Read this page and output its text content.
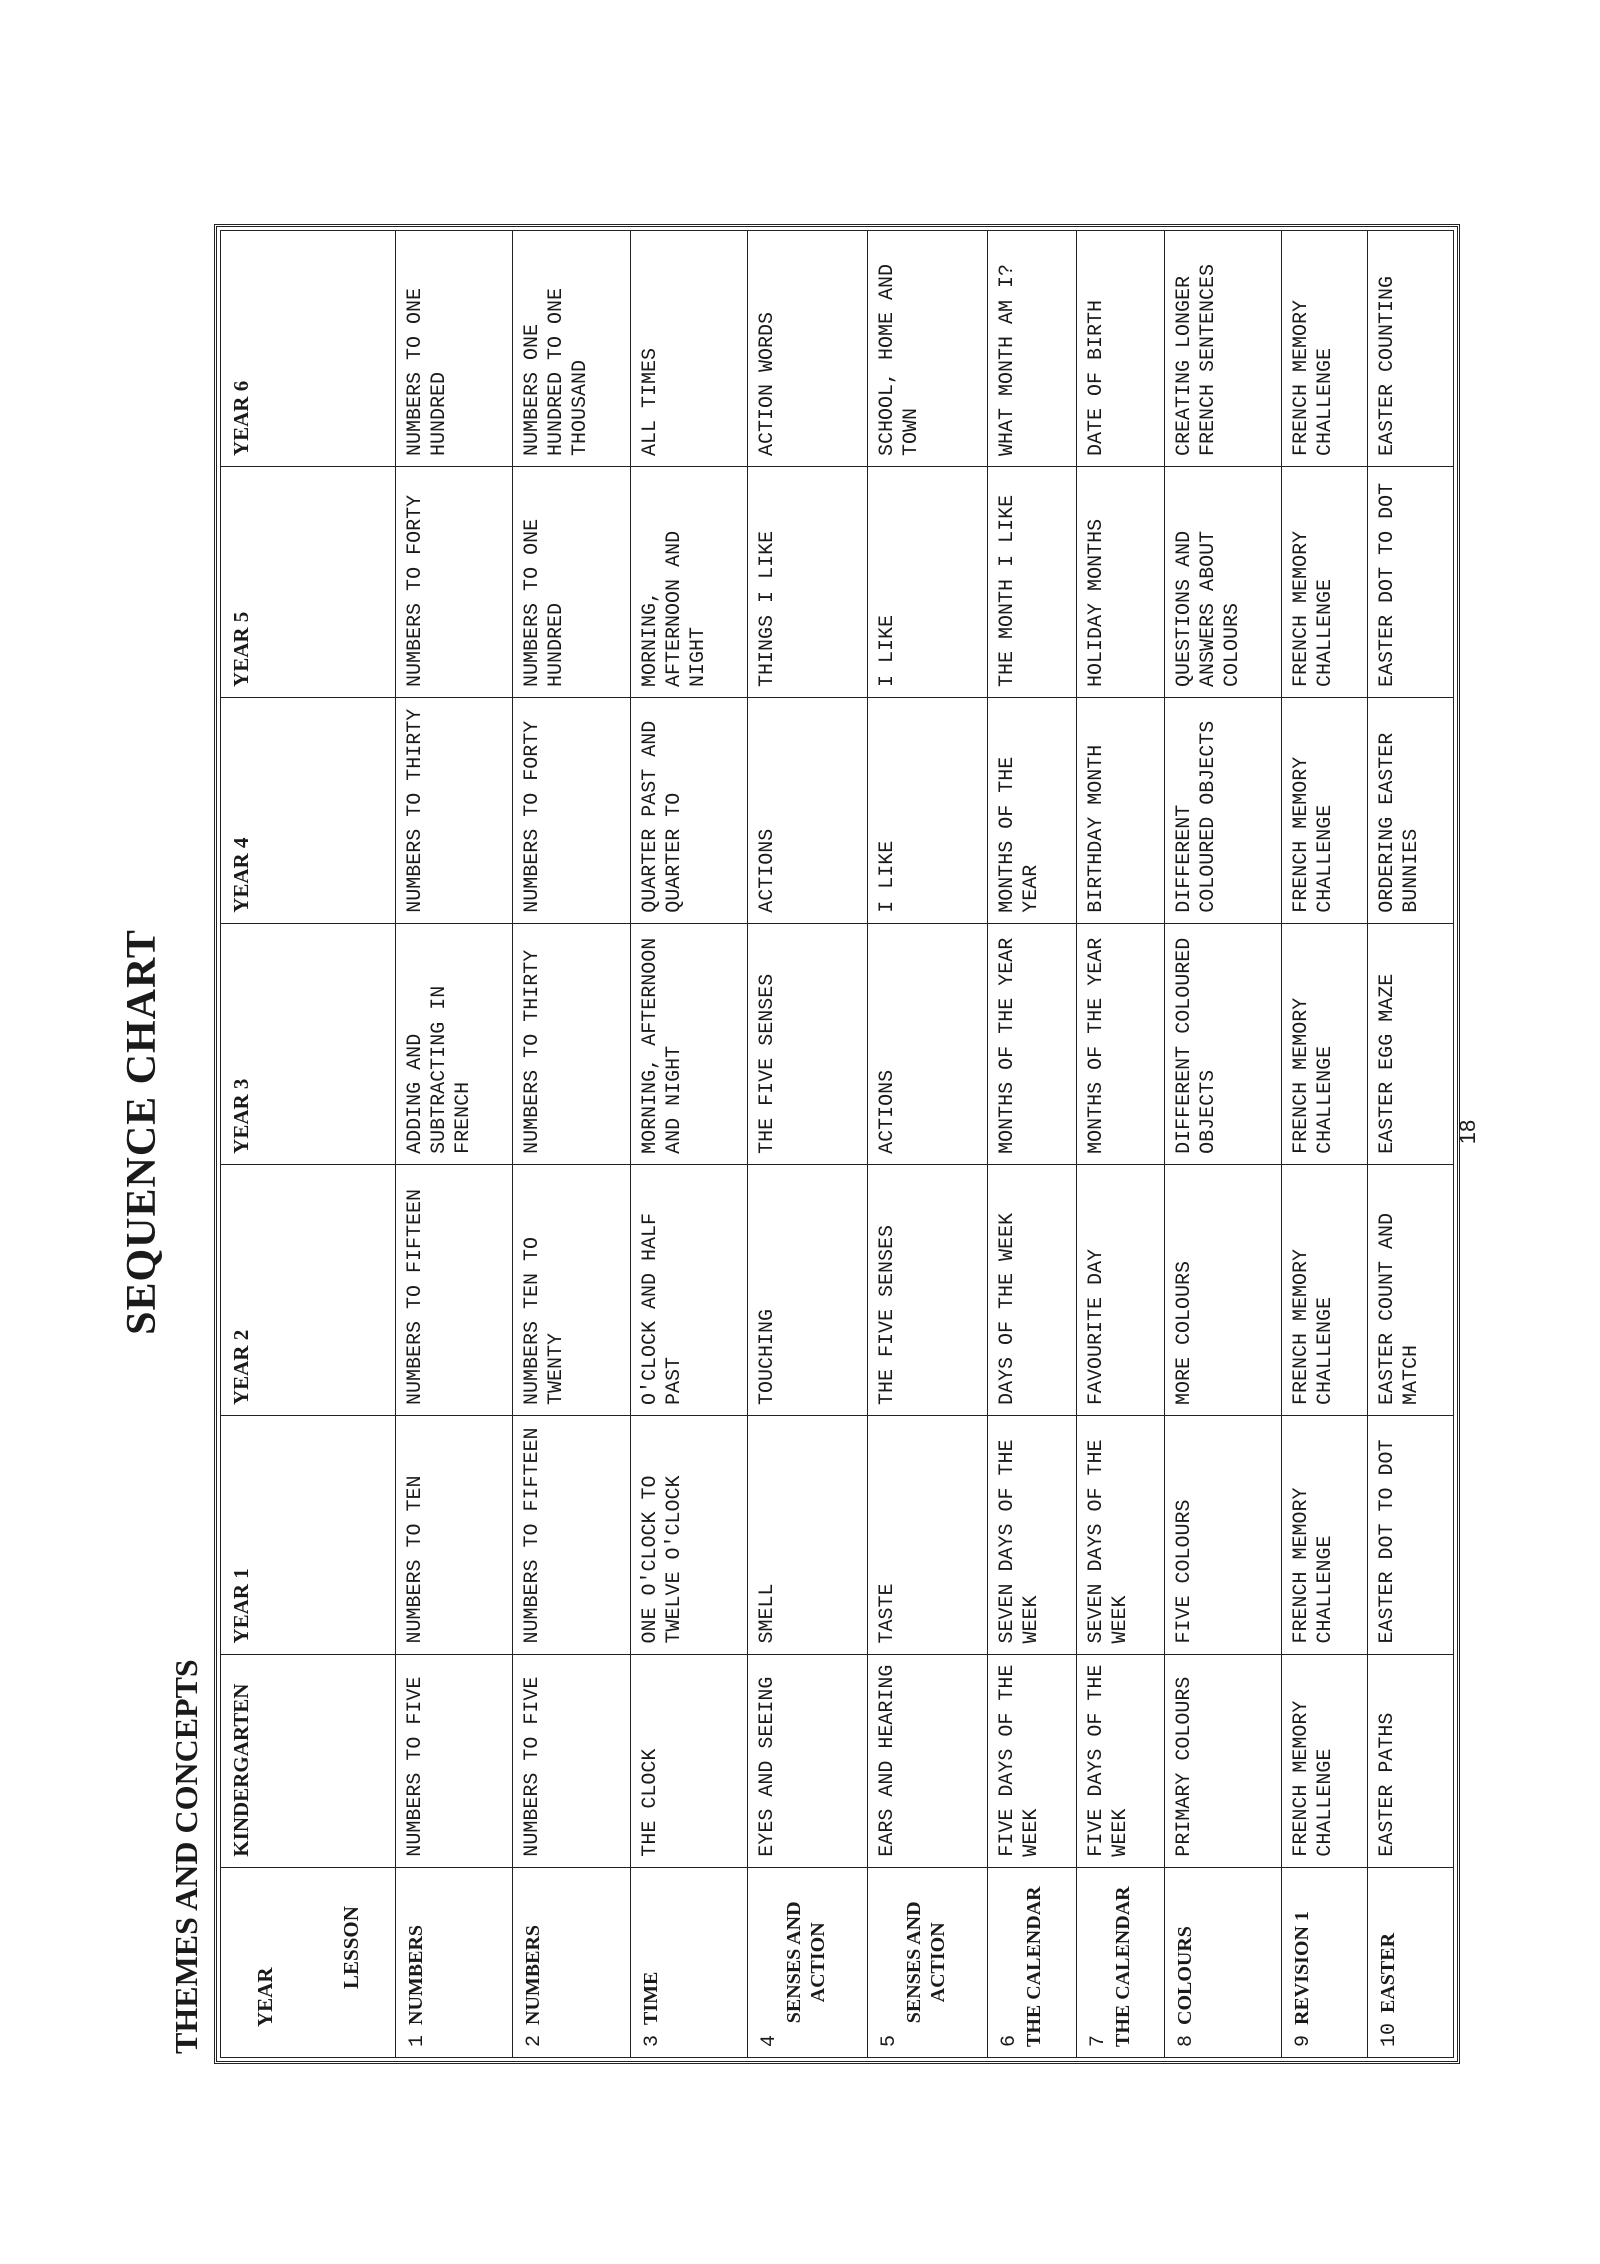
SEQUENCE CHART
THEMES AND CONCEPTS YEAR

LESSON	KINDERGARTEN	YEAR 1	YEAR 2	YEAR 3	YEAR 4	YEAR 5	YEAR 6
1NUMBERS	NUMBERS TO FIVE	NUMBERS TO TEN	NUMBERS TO FIFTEEN	ADDING AND SUBTRACTING IN FRENCH	NUMBERS TO THIRTY	NUMBERS TO FORTY	NUMBERS TO ONE HUNDRED
2NUMBERS	NUMBERS TO FIVE	NUMBERS TO FIFTEEN	NUMBERS TEN TO TWENTY	NUMBERS TO THIRTY	NUMBERS TO FORTY	NUMBERS TO ONE HUNDRED	NUMBERS ONE HUNDRED TO ONE THOUSAND
3TIME	THE CLOCK	ONE O'CLOCK TO TWELVE O'CLOCK	O'CLOCK AND HALF PAST	MORNING, AFTERNOON AND NIGHT	QUARTER PAST AND QUARTER TO	MORNING, AFTERNOON AND NIGHT	ALL TIMES
4SENSES AND ACTION	EYES AND SEEING	SMELL	TOUCHING	THE FIVE SENSES	ACTIONS	THINGS I LIKE	ACTION WORDS
5SENSES AND ACTION	EARS AND HEARING	TASTE	THE FIVE SENSES	ACTIONS	I LIKE	I LIKE	SCHOOL, HOME AND TOWN
6 THE CALENDAR	FIVE DAYS OF THE WEEK	SEVEN DAYS OF THE WEEK	DAYS OF THE WEEK	MONTHS OF THE YEAR	MONTHS OF THE YEAR	THE MONTH I LIKE	WHAT MONTH AM I?
7 THE CALENDAR	FIVE DAYS OF THE WEEK	SEVEN DAYS OF THE WEEK	FAVOURITE DAY	MONTHS OF THE YEAR	BIRTHDAY MONTH	HOLIDAY MONTHS	DATE OF BIRTH
8COLOURS	PRIMARY COLOURS	FIVE COLOURS	MORE COLOURS	DIFFERENT COLOURED OBJECTS	DIFFERENT COLOURED OBJECTS	QUESTIONS AND ANSWERS ABOUT COLOURS	CREATING LONGER FRENCH SENTENCES
9REVISION 1	FRENCH MEMORY CHALLENGE	FRENCH MEMORY CHALLENGE	FRENCH MEMORY CHALLENGE	FRENCH MEMORY CHALLENGE	FRENCH MEMORY CHALLENGE	FRENCH MEMORY CHALLENGE	FRENCH MEMORY CHALLENGE
10EASTER	EASTER PATHS	EASTER DOT TO DOT	EASTER COUNT AND MATCH	EASTER EGG MAZE	ORDERING EASTER BUNNIES	EASTER DOT TO DOT	EASTER COUNTING
18
